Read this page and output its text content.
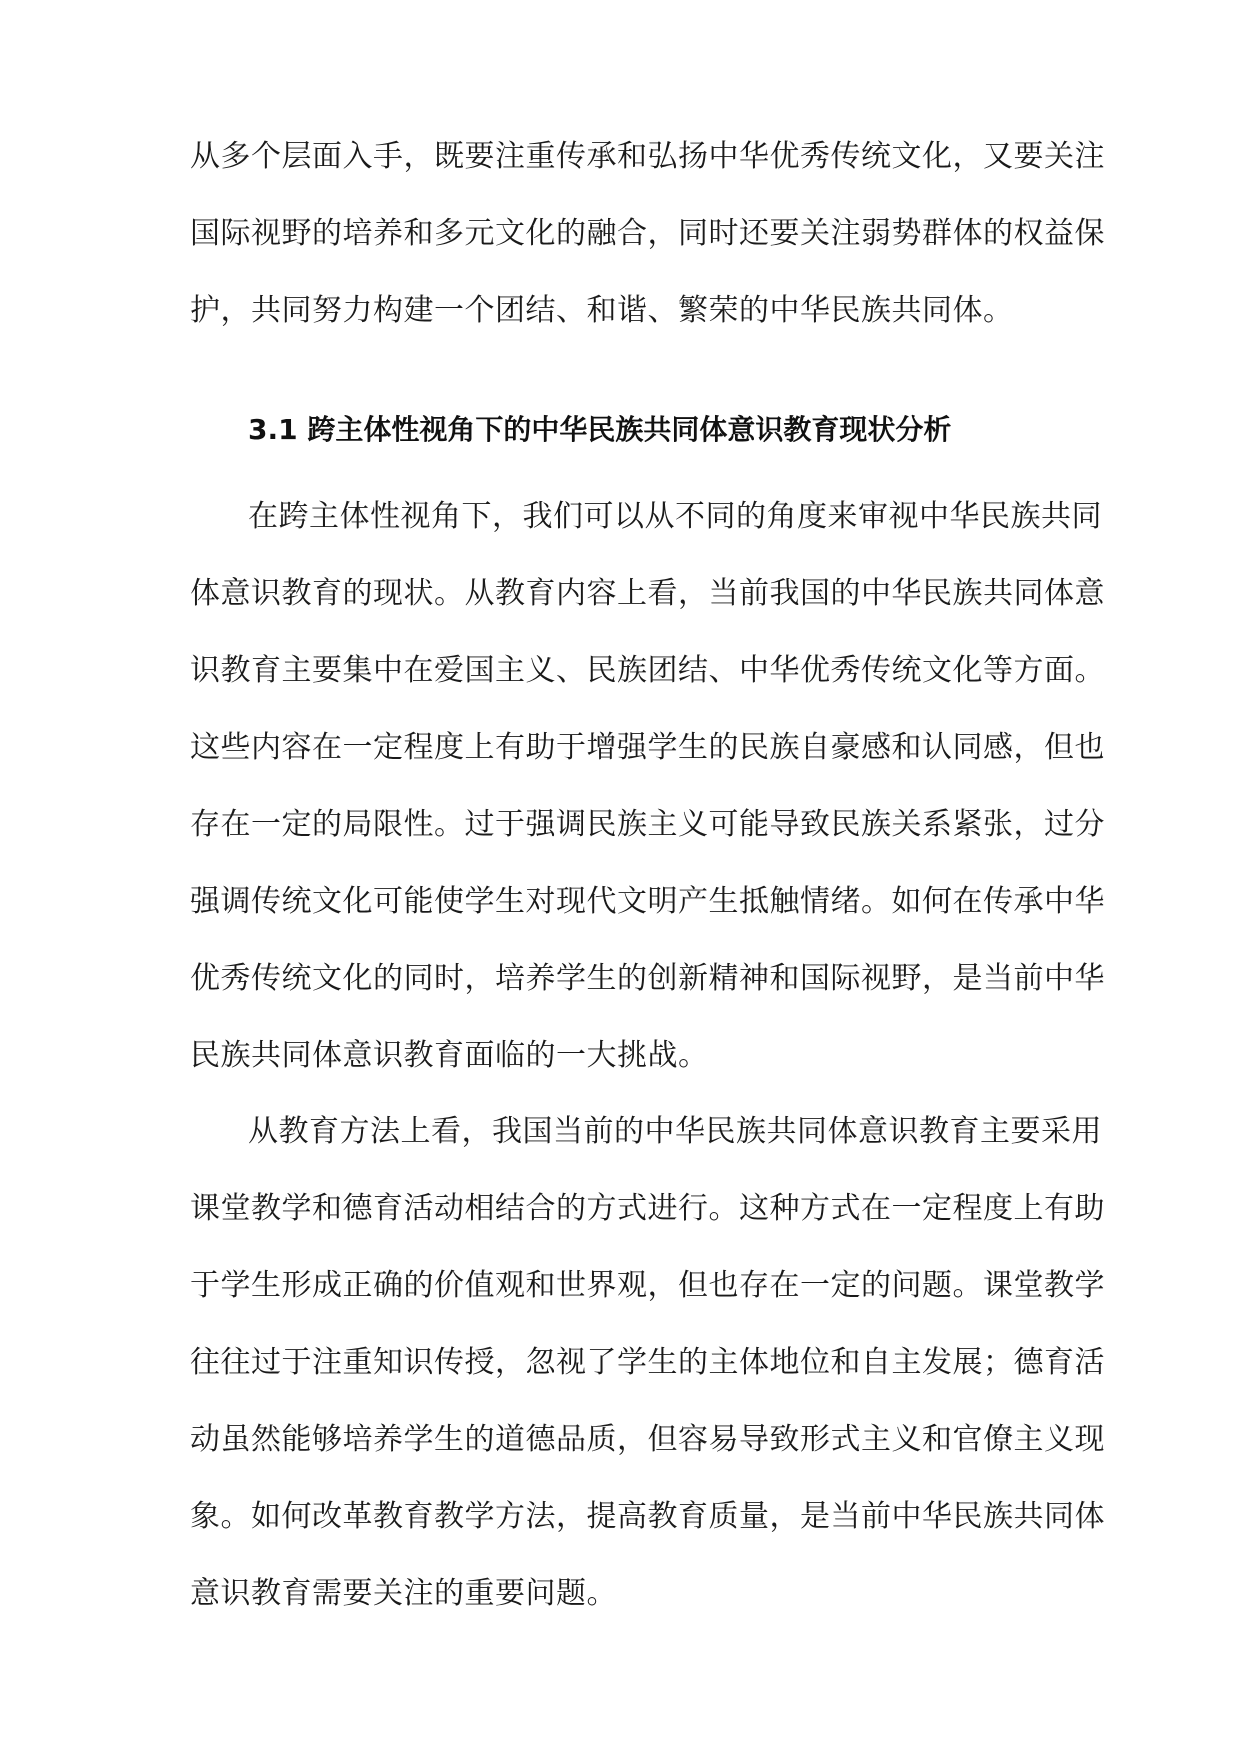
从多个层面入手，既要注重传承和弘扬中华优秀传统文化，又要关注
国际视野的培养和多元文化的融合，同时还要关注弱势群体的权益保
护，共同努力构建一个团结、和谐、繁荣的中华民族共同体。
3.1 跨主体性视角下的中华民族共同体意识教育现状分析
在跨主体性视角下，我们可以从不同的角度来审视中华民族共同
体意识教育的现状。从教育内容上看，当前我国的中华民族共同体意
识教育主要集中在爱国主义、民族团结、中华优秀传统文化等方面。
这些内容在一定程度上有助于增强学生的民族自豪感和认同感，但也
存在一定的局限性。过于强调民族主义可能导致民族关系紧张，过分
强调传统文化可能使学生对现代文明产生抵触情绪。如何在传承中华
优秀传统文化的同时，培养学生的创新精神和国际视野，是当前中华
民族共同体意识教育面临的一大挑战。
从教育方法上看，我国当前的中华民族共同体意识教育主要采用
课堂教学和德育活动相结合的方式进行。这种方式在一定程度上有助
于学生形成正确的价值观和世界观，但也存在一定的问题。课堂教学
往往过于注重知识传授，忽视了学生的主体地位和自主发展；德育活
动虽然能够培养学生的道德品质，但容易导致形式主义和官僚主义现
象。如何改革教育教学方法，提高教育质量，是当前中华民族共同体
意识教育需要关注的重要问题。
